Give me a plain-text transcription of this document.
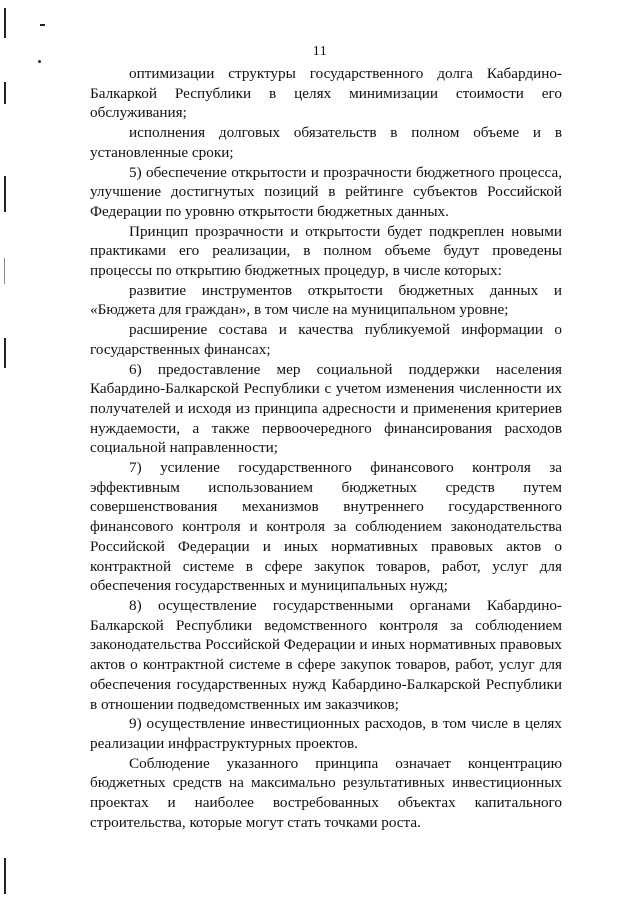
11

оптимизации структуры государственного долга Кабардино-Балкаркой Республики в целях минимизации стоимости его обслуживания;

исполнения долговых обязательств в полном объеме и в установленные сроки;

5) обеспечение открытости и прозрачности бюджетного процесса, улучшение достигнутых позиций в рейтинге субъектов Российской Федерации по уровню открытости бюджетных данных.

Принцип прозрачности и открытости будет подкреплен новыми практиками его реализации, в полном объеме будут проведены процессы по открытию бюджетных процедур, в числе которых:

развитие инструментов открытости бюджетных данных и «Бюджета для граждан», в том числе на муниципальном уровне;

расширение состава и качества публикуемой информации о государственных финансах;

6) предоставление мер социальной поддержки населения Кабардино-Балкарской Республики с учетом изменения численности их получателей и исходя из принципа адресности и применения критериев нуждаемости, а также первоочередного финансирования расходов социальной направленности;

7) усиление государственного финансового контроля за эффективным использованием бюджетных средств путем совершенствования механизмов внутреннего государственного финансового контроля и контроля за соблюдением законодательства Российской Федерации и иных нормативных правовых актов о контрактной системе в сфере закупок товаров, работ, услуг для обеспечения государственных и муниципальных нужд;

8) осуществление государственными органами Кабардино-Балкарской Республики ведомственного контроля за соблюдением законодательства Российской Федерации и иных нормативных правовых актов о контрактной системе в сфере закупок товаров, работ, услуг для обеспечения государственных нужд Кабардино-Балкарской Республики в отношении подведомственных им заказчиков;

9) осуществление инвестиционных расходов, в том числе в целях реализации инфраструктурных проектов.

Соблюдение указанного принципа означает концентрацию бюджетных средств на максимально результативных инвестиционных проектах и наиболее востребованных объектах капитального строительства, которые могут стать точками роста.
